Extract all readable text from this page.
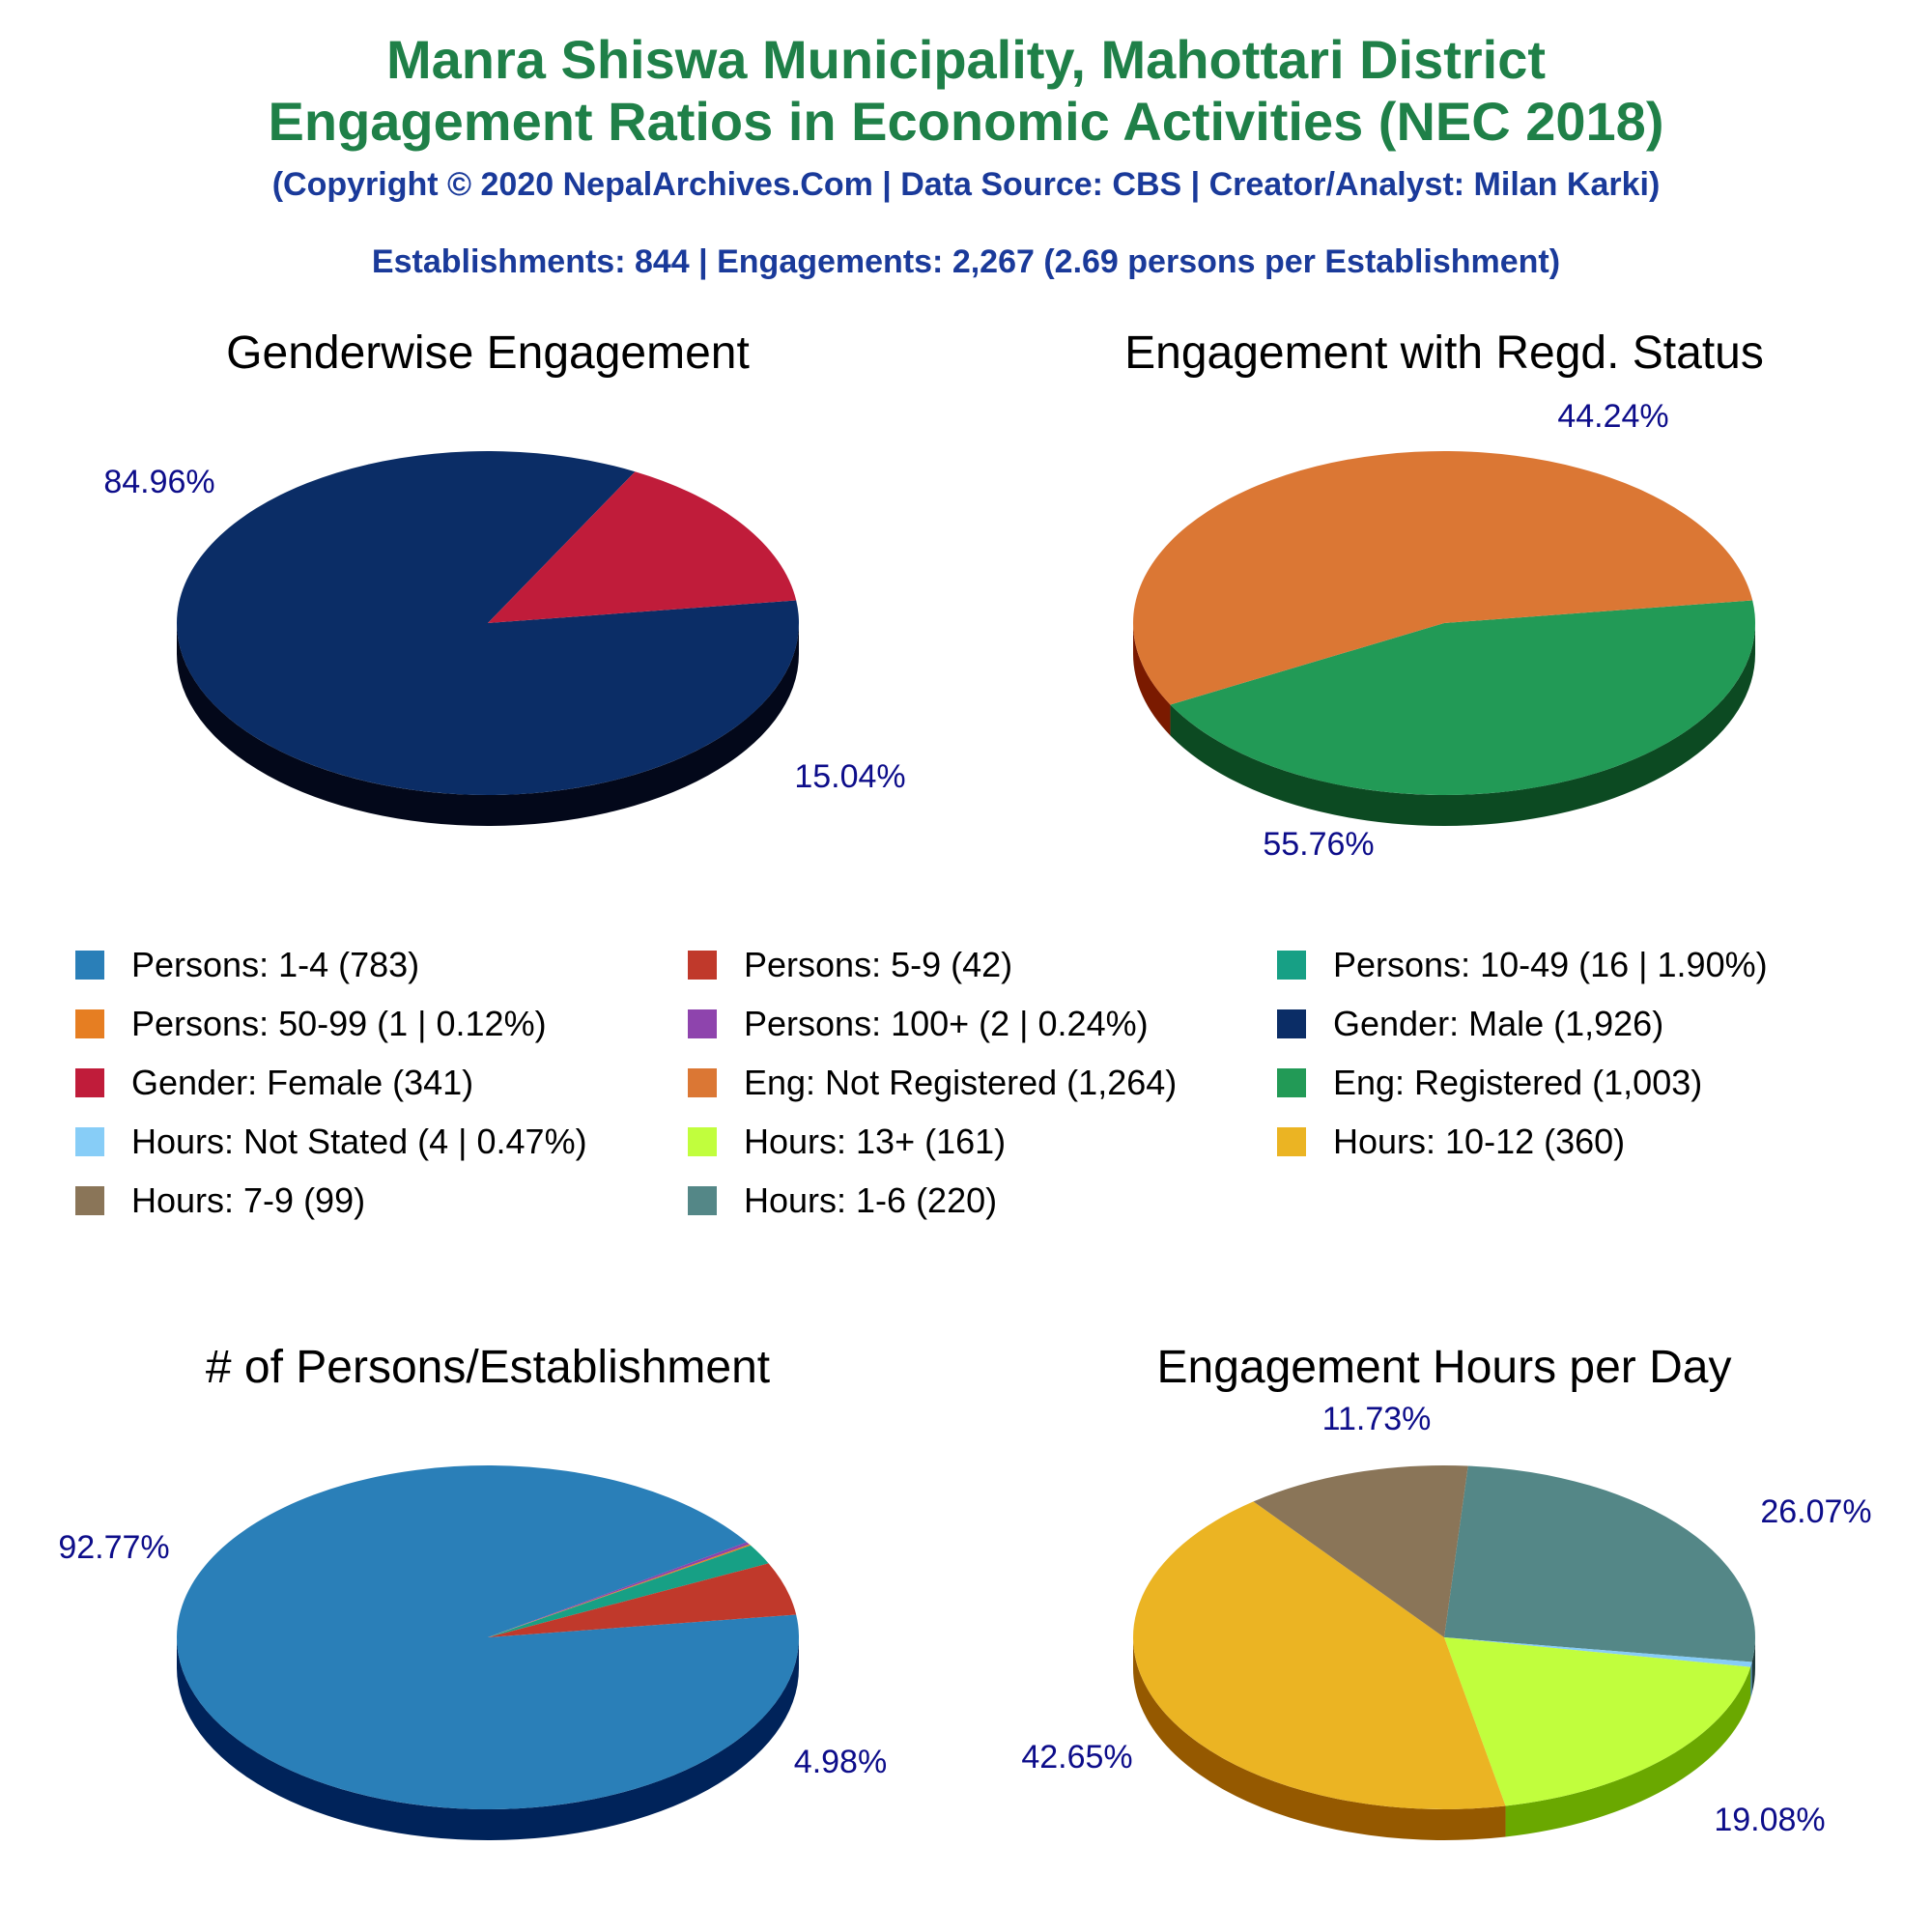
Manra Shiswa Municipality, Mahottari District
Engagement Ratios in Economic Activities (NEC 2018)
(Copyright © 2020 NepalArchives.Com | Data Source: CBS | Creator/Analyst: Milan Karki)
Establishments: 844 | Engagements: 2,267 (2.69 persons per Establishment)
Genderwise Engagement	Engagement with Regd. Status
# of Persons/Establishment	Engagement Hours per Day
84.96%
15.04%
44.24%
55.76%
92.77%
4.98%
26.07%
19.08%
42.65%
11.73%
Persons: 1-4 (783)	Persons: 5-9 (42)	Persons: 10-49 (16 | 1.90%)
Persons: 50-99 (1 | 0.12%)	Persons: 100+ (2 | 0.24%)	Gender: Male (1,926)
Gender: Female (341)	Eng: Not Registered (1,264)	Eng: Registered (1,003)
Hours: Not Stated (4 | 0.47%)	Hours: 13+ (161)	Hours: 10-12 (360)
Hours: 7-9 (99)	Hours: 1-6 (220)
